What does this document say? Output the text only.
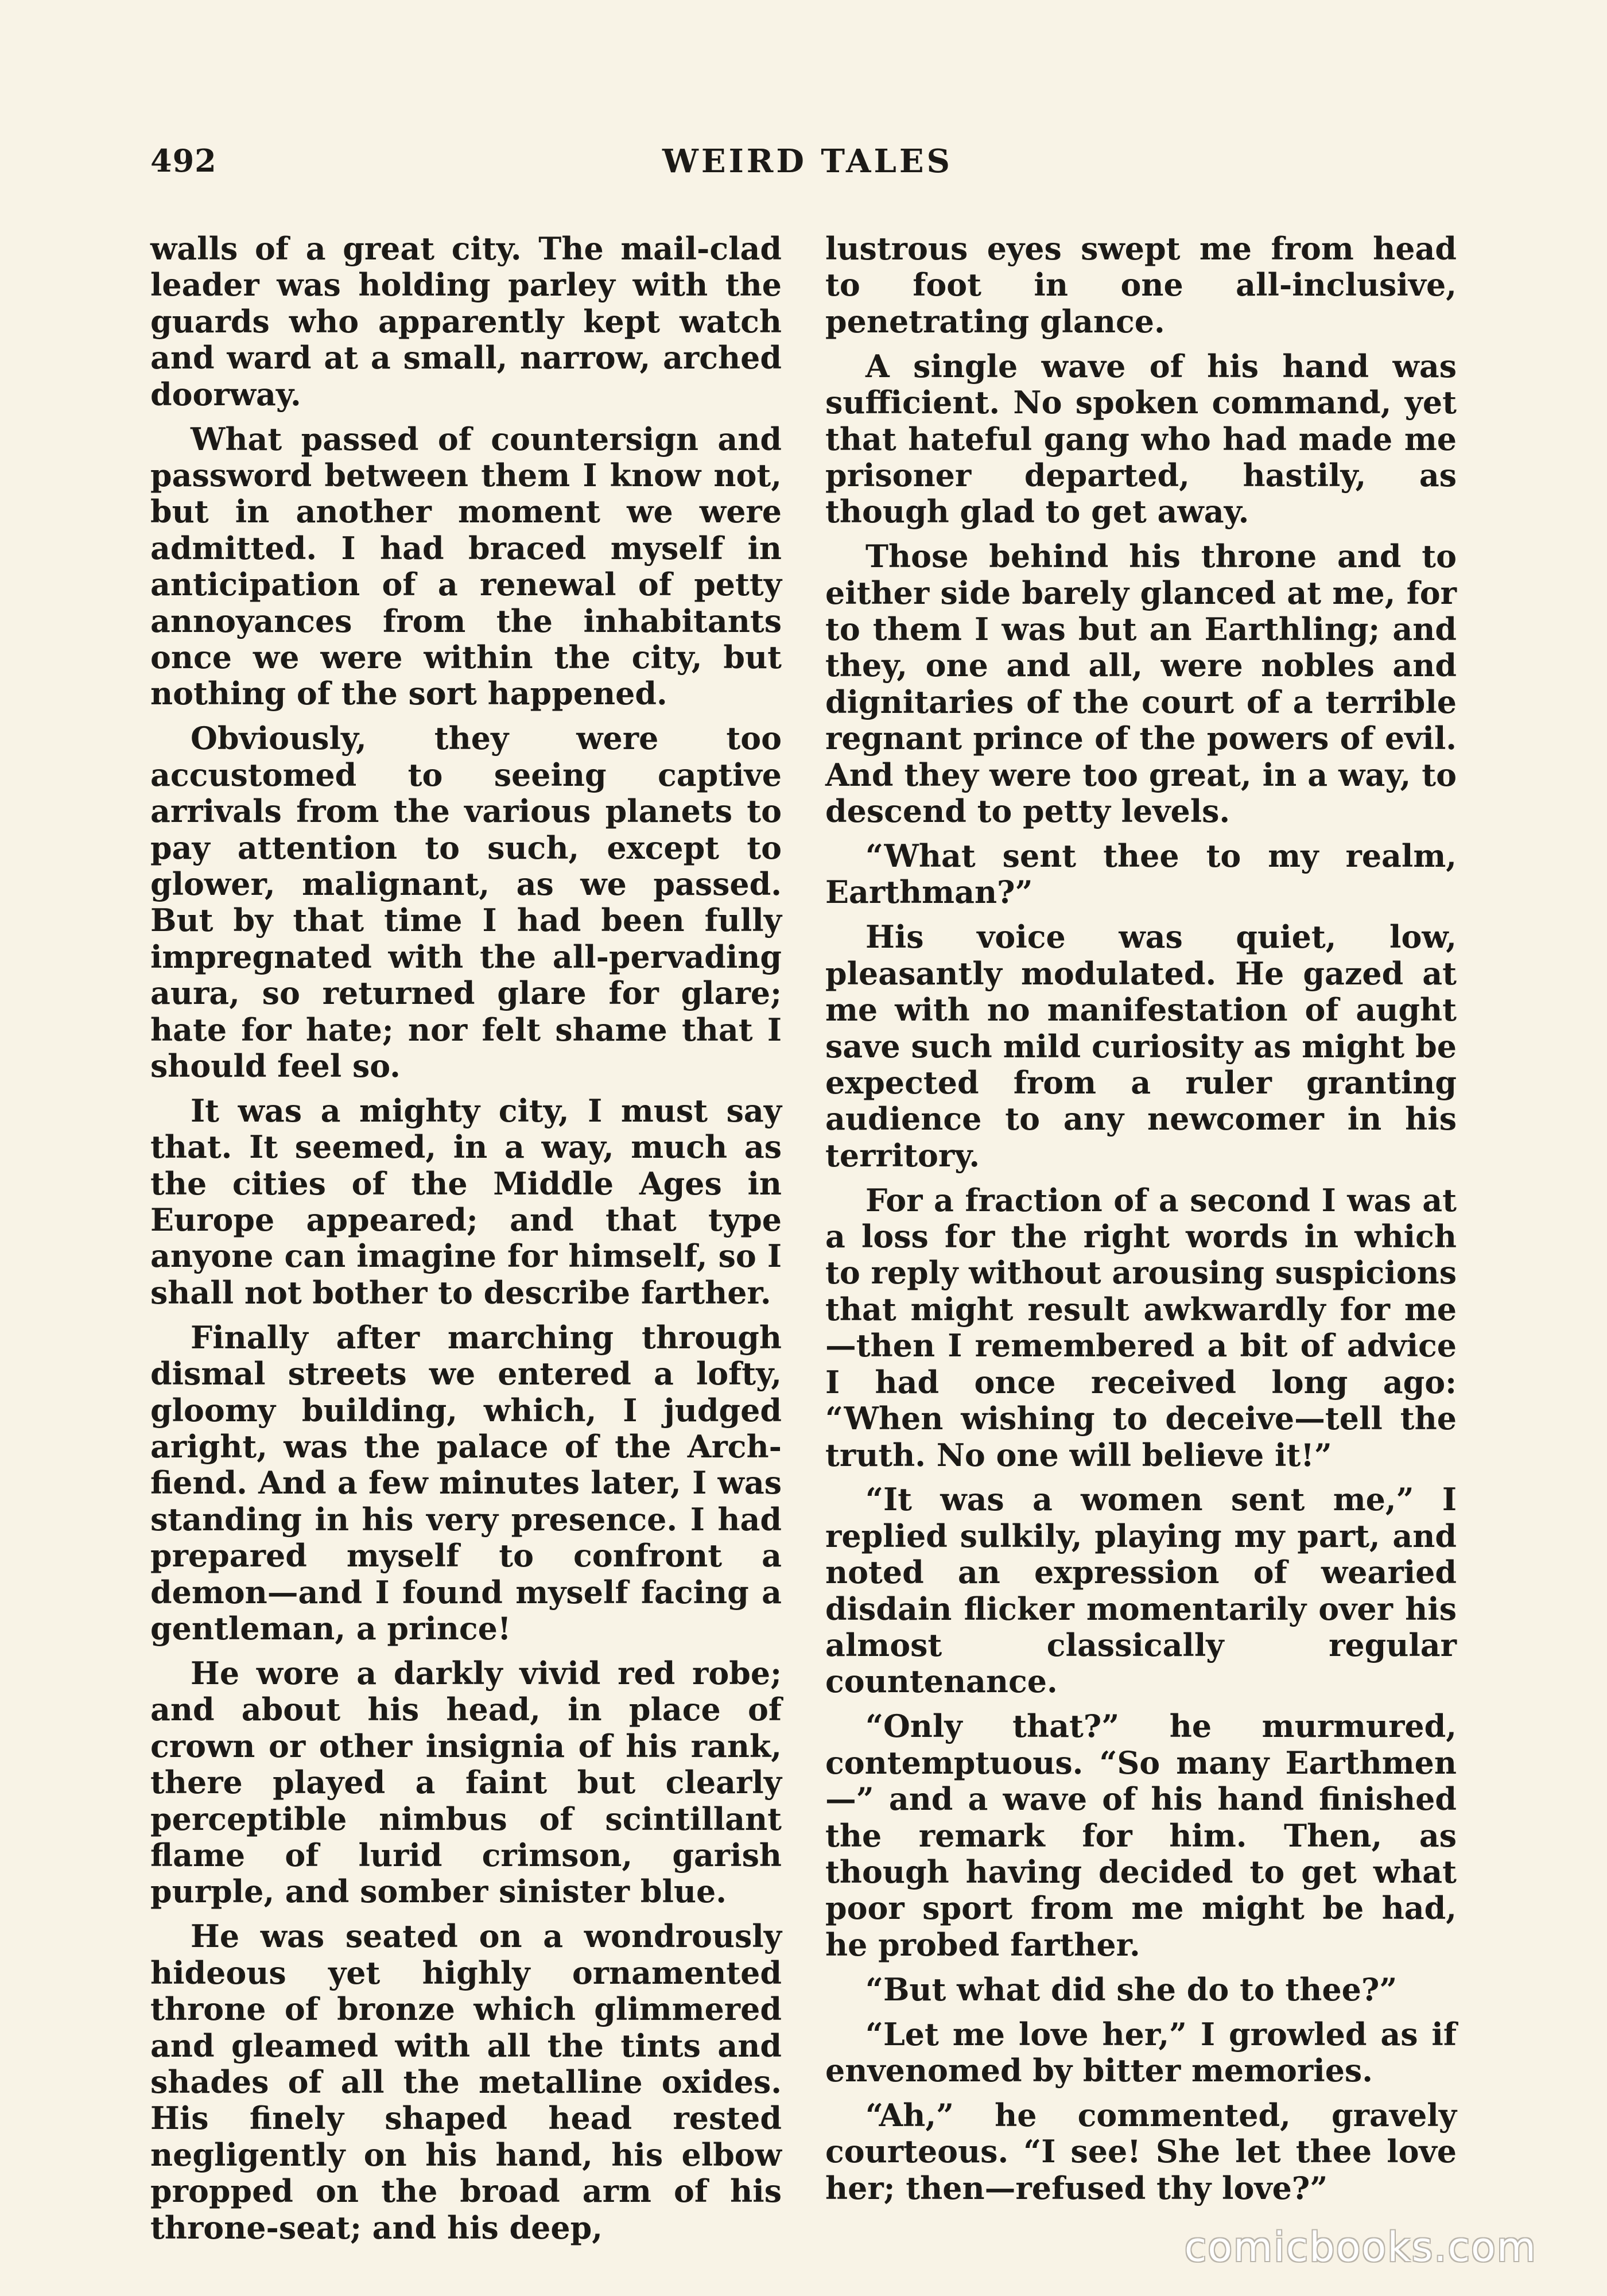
492	WEIRD TALES

walls of a great city. The mail-clad leader was holding parley with the guards who apparently kept watch and ward at a small, narrow, arched doorway.

What passed of countersign and password between them I know not, but in another moment we were admitted. I had braced myself in anticipation of a renewal of petty annoyances from the inhabitants once we were within the city, but nothing of the sort happened.

Obviously, they were too accustomed to seeing captive arrivals from the various planets to pay attention to such, except to glower, malignant, as we passed. But by that time I had been fully impregnated with the all-pervading aura, so returned glare for glare; hate for hate; nor felt shame that I should feel so.

It was a mighty city, I must say that. It seemed, in a way, much as the cities of the Middle Ages in Europe appeared; and that type anyone can imagine for himself, so I shall not bother to describe farther.

Finally after marching through dismal streets we entered a lofty, gloomy building, which, I judged aright, was the palace of the Arch-fiend. And a few minutes later, I was standing in his very presence. I had prepared myself to confront a demon—and I found myself facing a gentleman, a prince!

He wore a darkly vivid red robe; and about his head, in place of crown or other insignia of his rank, there played a faint but clearly perceptible nimbus of scintillant flame of lurid crimson, garish purple, and somber sinister blue.

He was seated on a wondrously hideous yet highly ornamented throne of bronze which glimmered and gleamed with all the tints and shades of all the metalline oxides. His finely shaped head rested negligently on his hand, his elbow propped on the broad arm of his throne-seat; and his deep,

lustrous eyes swept me from head to foot in one all-inclusive, penetrating glance.

A single wave of his hand was sufficient. No spoken command, yet that hateful gang who had made me prisoner departed, hastily, as though glad to get away.

Those behind his throne and to either side barely glanced at me, for to them I was but an Earthling; and they, one and all, were nobles and dignitaries of the court of a terrible regnant prince of the powers of evil. And they were too great, in a way, to descend to petty levels.

“What sent thee to my realm, Earthman?”

His voice was quiet, low, pleasantly modulated. He gazed at me with no manifestation of aught save such mild curiosity as might be expected from a ruler granting audience to any newcomer in his territory.

For a fraction of a second I was at a loss for the right words in which to reply without arousing suspicions that might result awkwardly for me—then I remembered a bit of advice I had once received long ago: “When wishing to deceive—tell the truth. No one will believe it!”

“It was a women sent me,” I replied sulkily, playing my part, and noted an expression of wearied disdain flicker momentarily over his almost classically regular countenance.

“Only that?” he murmured, contemptuous. “So many Earthmen—” and a wave of his hand finished the remark for him. Then, as though having decided to get what poor sport from me might be had, he probed farther.

“But what did she do to thee?”

“Let me love her,” I growled as if envenomed by bitter memories.

“Ah,” he commented, gravely courteous. “I see! She let thee love her; then—refused thy love?”

comicbooks.com
